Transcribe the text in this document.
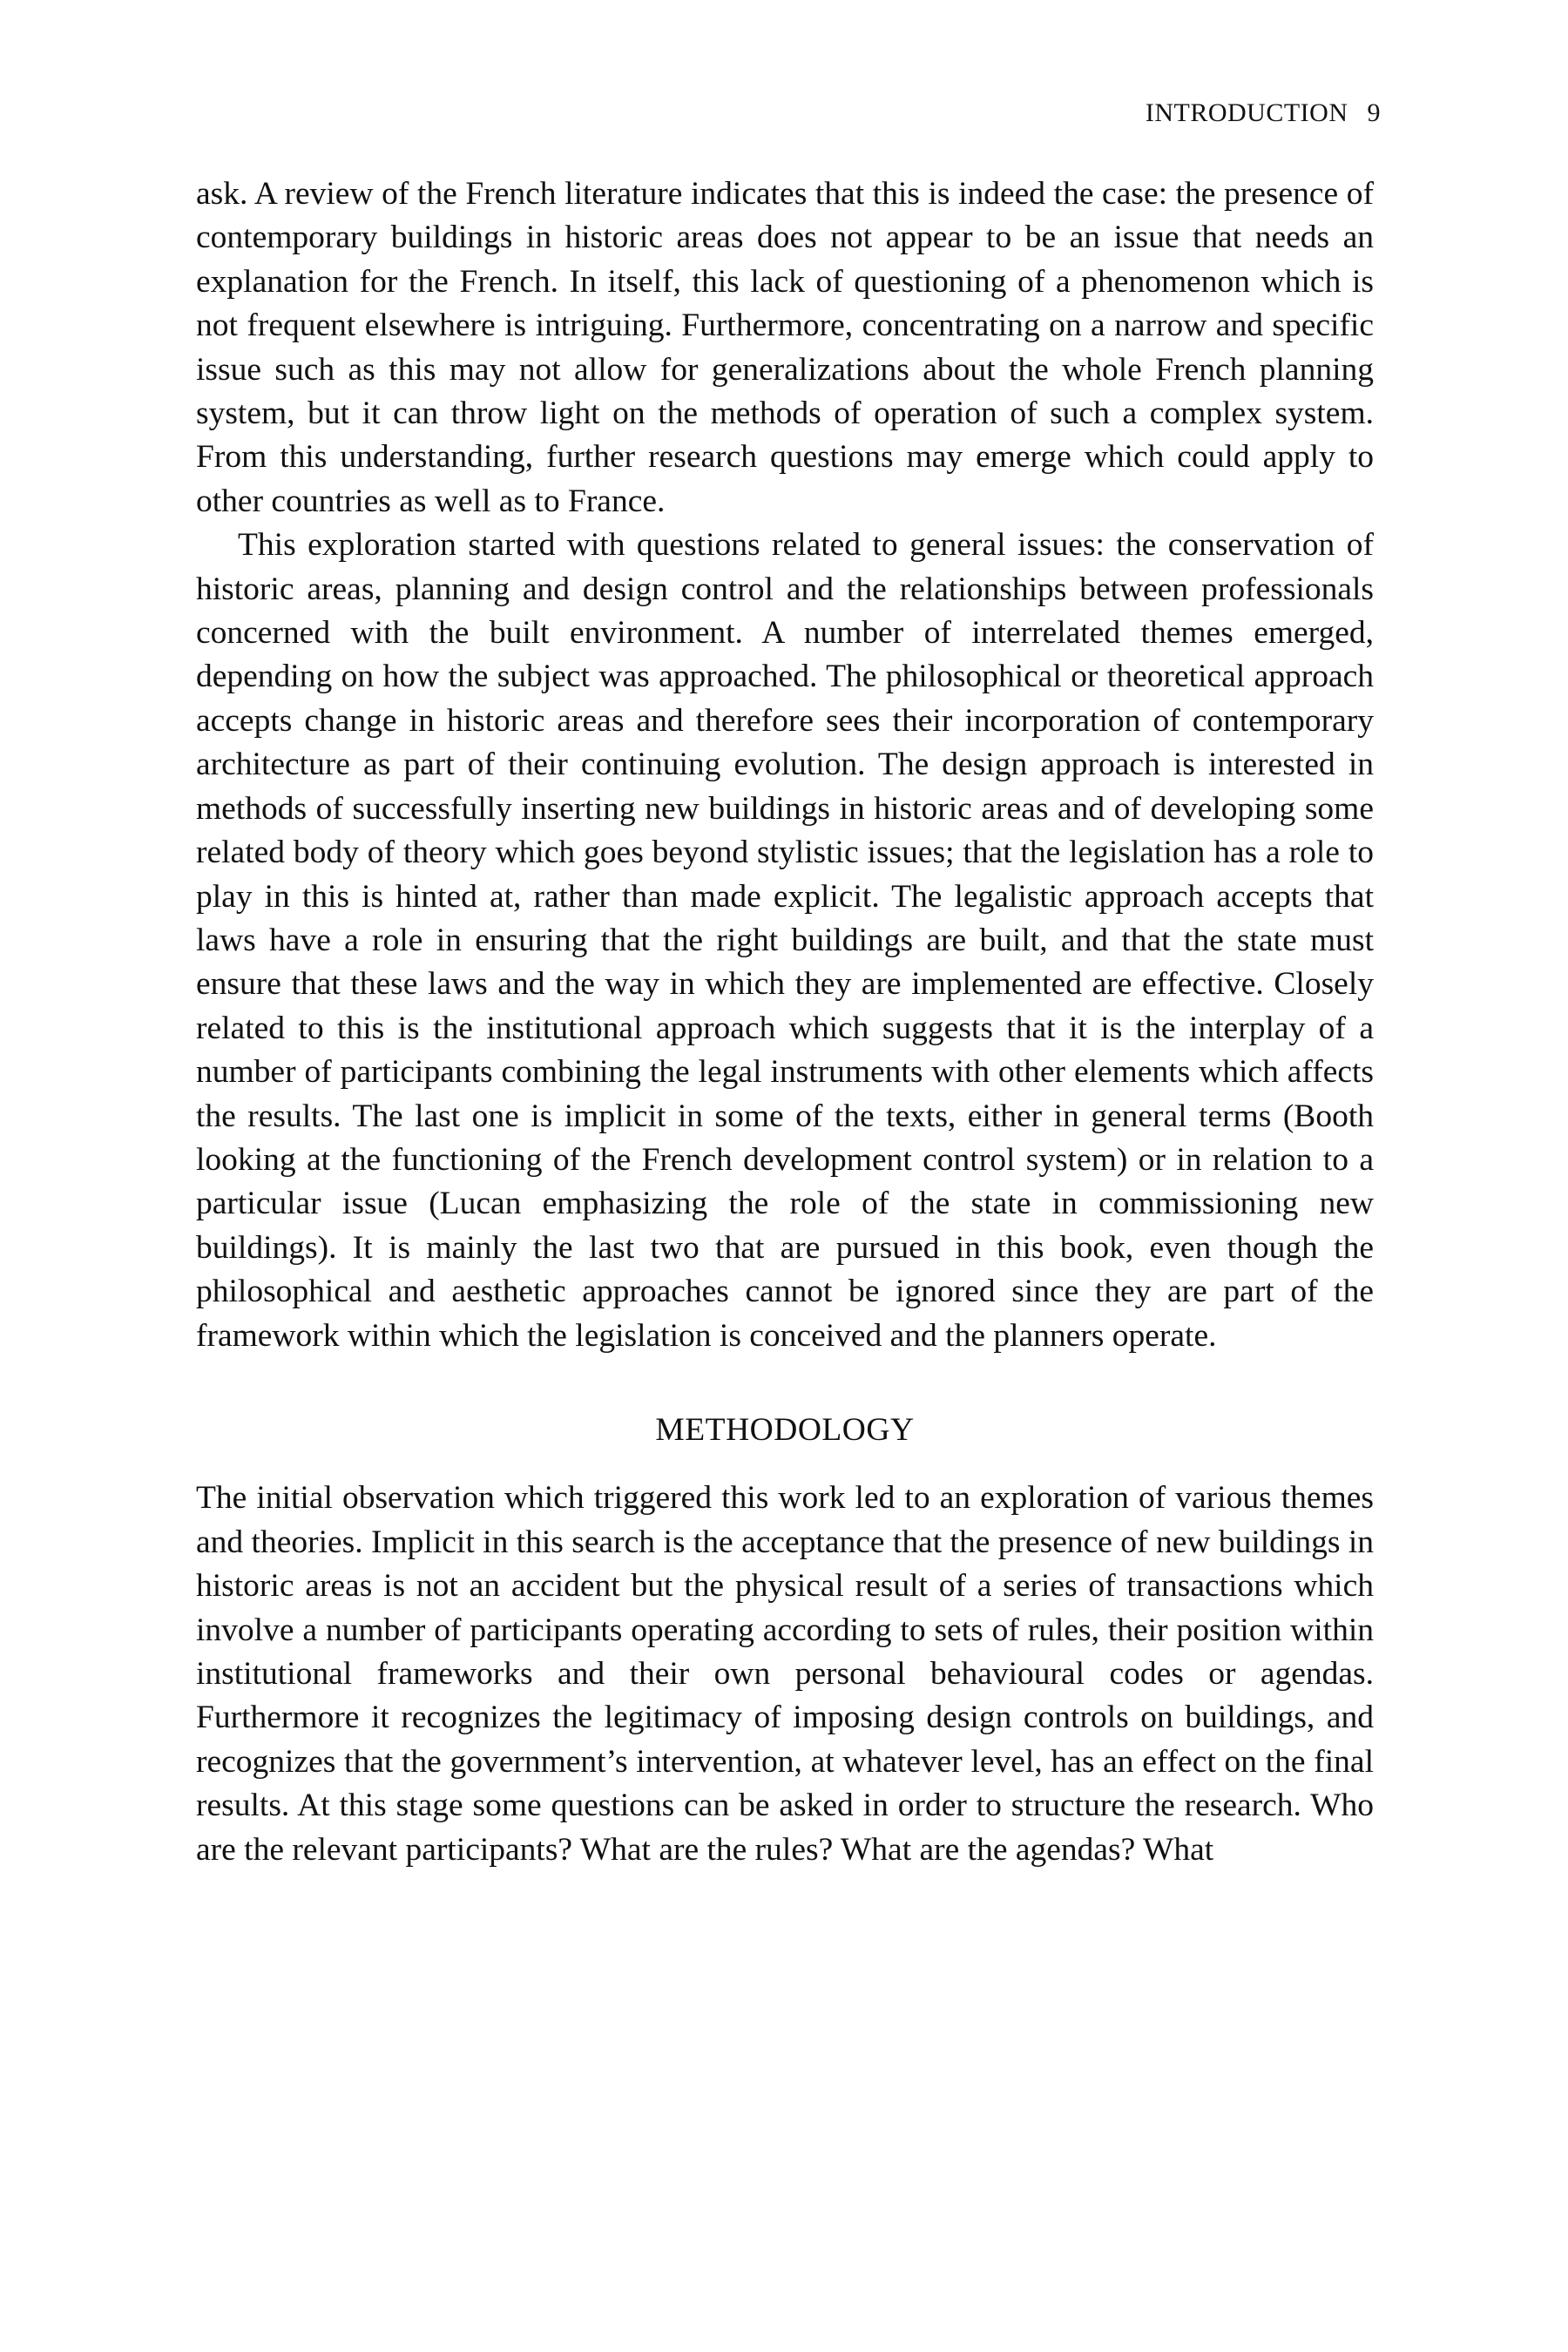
INTRODUCTION 9

ask. A review of the French literature indicates that this is indeed the case: the presence of contemporary buildings in historic areas does not appear to be an issue that needs an explanation for the French. In itself, this lack of questioning of a phenomenon which is not frequent elsewhere is intriguing. Furthermore, concentrating on a narrow and specific issue such as this may not allow for generalizations about the whole French planning system, but it can throw light on the methods of operation of such a complex system. From this understanding, further research questions may emerge which could apply to other countries as well as to France.

This exploration started with questions related to general issues: the conservation of historic areas, planning and design control and the relationships between professionals concerned with the built environment. A number of interrelated themes emerged, depending on how the subject was approached. The philosophical or theoretical approach accepts change in historic areas and therefore sees their incorporation of contemporary architecture as part of their continuing evolution. The design approach is interested in methods of successfully inserting new buildings in historic areas and of developing some related body of theory which goes beyond stylistic issues; that the legislation has a role to play in this is hinted at, rather than made explicit. The legalistic approach accepts that laws have a role in ensuring that the right buildings are built, and that the state must ensure that these laws and the way in which they are implemented are effective. Closely related to this is the institutional approach which suggests that it is the interplay of a number of participants combining the legal instruments with other elements which affects the results. The last one is implicit in some of the texts, either in general terms (Booth looking at the functioning of the French development control system) or in relation to a particular issue (Lucan emphasizing the role of the state in commissioning new buildings). It is mainly the last two that are pursued in this book, even though the philosophical and aesthetic approaches cannot be ignored since they are part of the framework within which the legislation is conceived and the planners operate.

METHODOLOGY

The initial observation which triggered this work led to an exploration of various themes and theories. Implicit in this search is the acceptance that the presence of new buildings in historic areas is not an accident but the physical result of a series of transactions which involve a number of participants operating according to sets of rules, their position within institutional frameworks and their own personal behavioural codes or agendas. Furthermore it recognizes the legitimacy of imposing design controls on buildings, and recognizes that the government’s intervention, at whatever level, has an effect on the final results. At this stage some questions can be asked in order to structure the research. Who are the relevant participants? What are the rules? What are the agendas? What
